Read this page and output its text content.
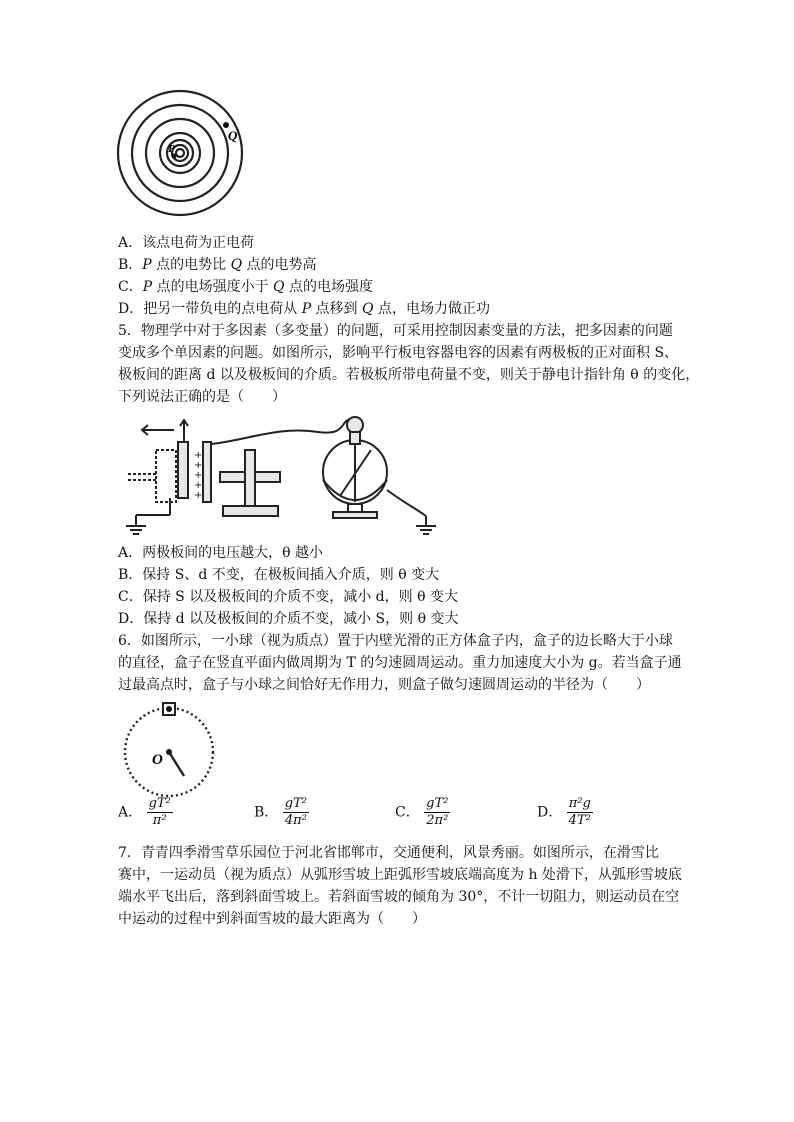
Q
P
A．该点电荷为正电荷
B．P 点的电势比 Q 点的电势高
C．P 点的电场强度小于 Q 点的电场强度
D．把另一带负电的点电荷从 P 点移到 Q 点，电场力做正功
5．物理学中对于多因素（多变量）的问题，可采用控制因素变量的方法，把多因素的问题
变成多个单因素的问题。如图所示，影响平行板电容器电容的因素有两极板的正对面积 S、
极板间的距离 d 以及极板间的介质。若极板所带电荷量不变，则关于静电计指针角 θ 的变化，
下列说法正确的是（　　）
+
+
+
+
+
A．两极板间的电压越大，θ 越小
B．保持 S、d 不变，在极板间插入介质，则 θ 变大
C．保持 S 以及极板间的介质不变，减小 d，则 θ 变大
D．保持 d 以及极板间的介质不变，减小 S，则 θ 变大
6．如图所示，一小球（视为质点）置于内壁光滑的正方体盒子内，盒子的边长略大于小球
的直径，盒子在竖直平面内做周期为 T 的匀速圆周运动。重力加速度大小为 g。若当盒子通
过最高点时，盒子与小球之间恰好无作用力，则盒子做匀速圆周运动的半径为（　　）
O
A． $\frac{\text{gT²}}{\text{π²}}$	B． $\frac{\text{gT²}}{\text{4π²}}$	C． $\frac{\text{gT²}}{\text{2π²}}$	D． $\frac{\text{π²g}}{\text{4T²}}$
7．青青四季滑雪草乐园位于河北省邯郸市，交通便利，风景秀丽。如图所示，在滑雪比
赛中，一运动员（视为质点）从弧形雪坡上距弧形雪坡底端高度为 h 处滑下，从弧形雪坡底
端水平飞出后，落到斜面雪坡上。若斜面雪坡的倾角为 30°，不计一切阻力，则运动员在空
中运动的过程中到斜面雪坡的最大距离为（　　）
